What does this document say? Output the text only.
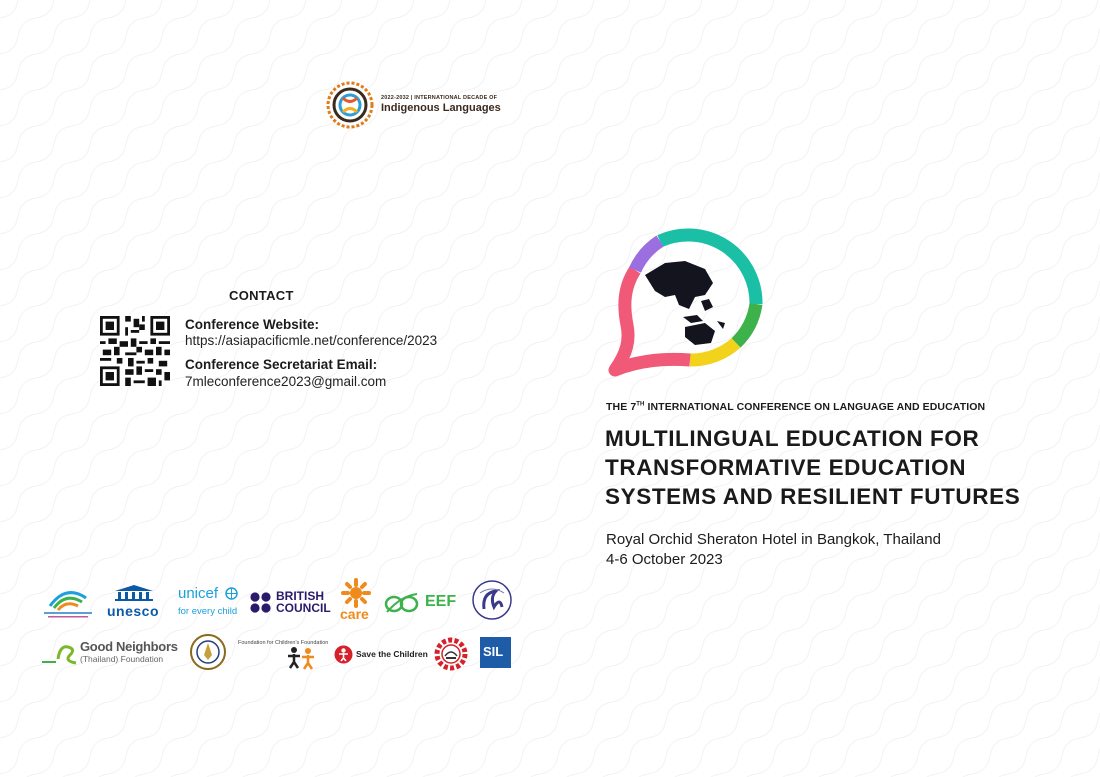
2022-2032 | INTERNATIONAL DECADE OF
Indigenous Languages
CONTACT
Conference Website:
https://asiapacificmle.net/conference/2023
Conference Secretariat Email:
7mleconference2023@gmail.com
THE 7TH INTERNATIONAL CONFERENCE ON LANGUAGE AND EDUCATION
MULTILINGUAL EDUCATION FOR
TRANSFORMATIVE EDUCATION
SYSTEMS AND RESILIENT FUTURES
Royal Orchid Sheraton Hotel in Bangkok, Thailand
4-6 October 2023
unesco
unicef
for every child
BRITISH
COUNCIL care
EEF
Good Neighbors
(Thailand) Foundation
Foundation for Children's Foundation
Save the Children	SIL
